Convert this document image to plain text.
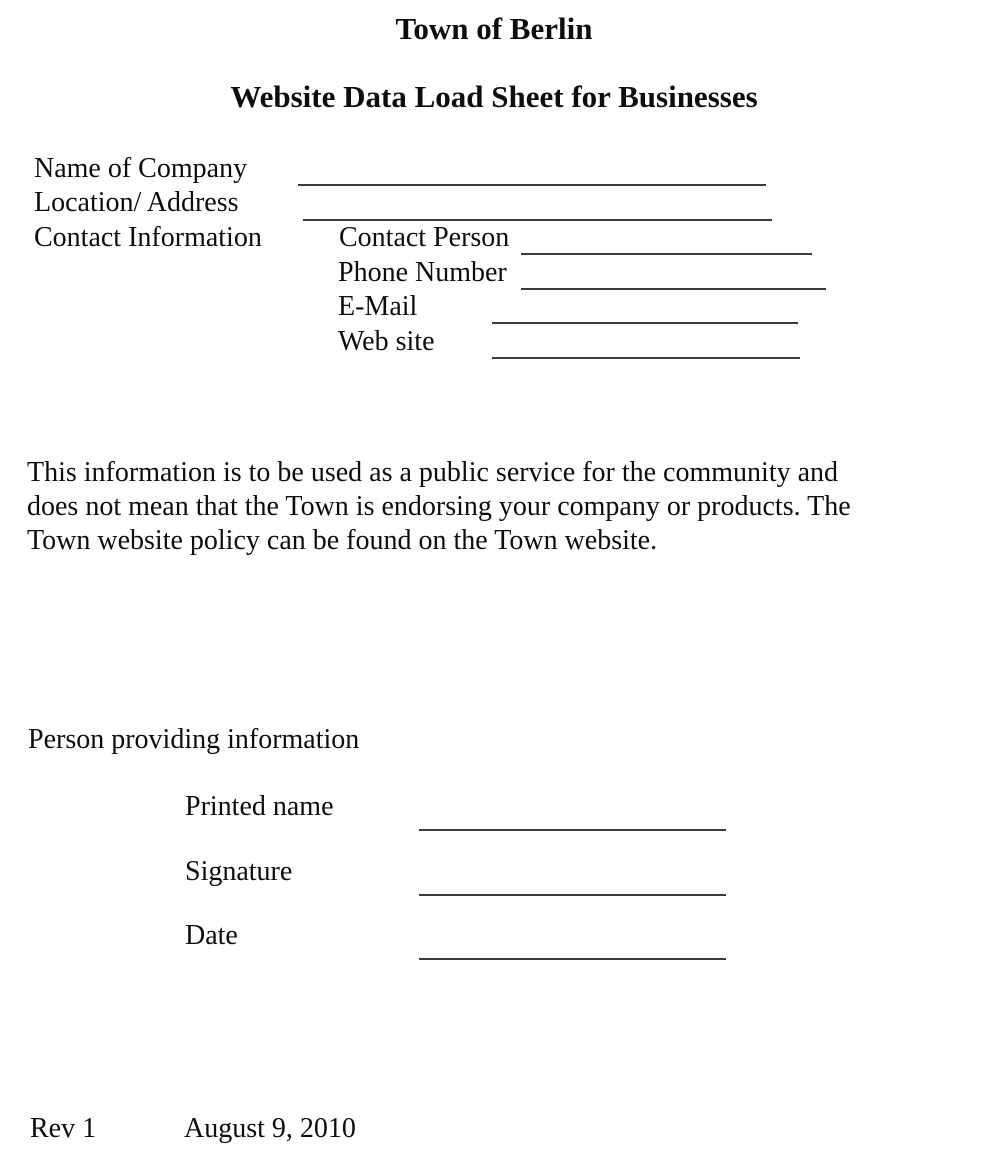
Town of Berlin
Website Data Load Sheet for Businesses
Name of Company
Location/ Address
Contact Information	Contact Person
Phone Number
E-Mail
Web site
This information is to be used as a public service for the community and
does not mean that the Town is endorsing your company or products. The
Town website policy can be found on the Town website.
Person providing information
Printed name
Signature
Date
Rev 1	August 9, 2010
